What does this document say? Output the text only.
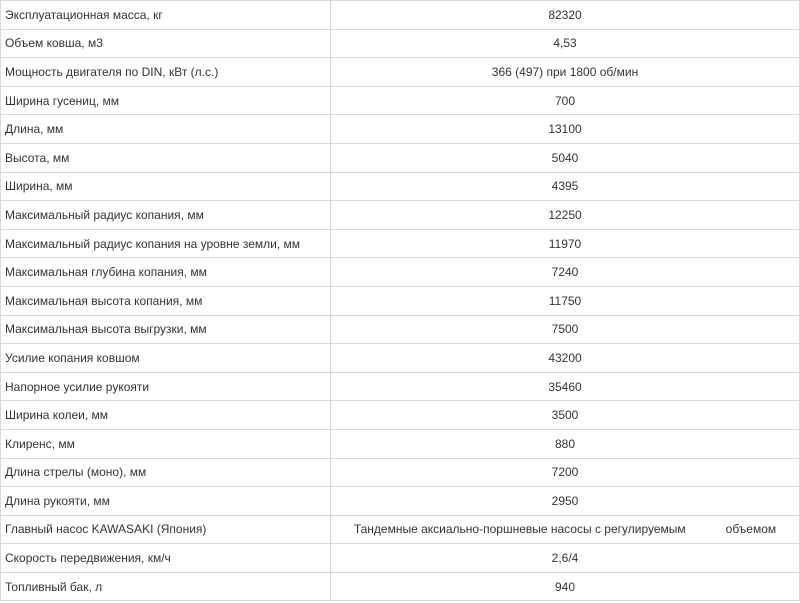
Эксплуатационная масса, кг	82320
Объем ковша, м3	4,53
Мощность двигателя по DIN, кВт (л.с.)	366 (497) при 1800 об/мин
Ширина гусениц, мм	700
Длина, мм	13100
Высота, мм	5040
Ширина, мм	4395
Максимальный радиус копания, мм	12250
Максимальный радиус копания на уровне земли, мм	11970
Максимальная глубина копания, мм	7240
Максимальная высота копания, мм	11750
Максимальная высота выгрузки, мм	7500
Усилие копания ковшом	43200
Напорное усилие рукояти	35460
Ширина колеи, мм	3500
Клиренс, мм	880
Длина стрелы (моно), мм	7200
Длина рукояти, мм	2950
Главный насос KAWASAKI (Япония)	Тандемные аксиально-поршневые насосы с регулируемым объемом
Скорость передвижения, км/ч	2,6/4
Топливный бак, л	940
